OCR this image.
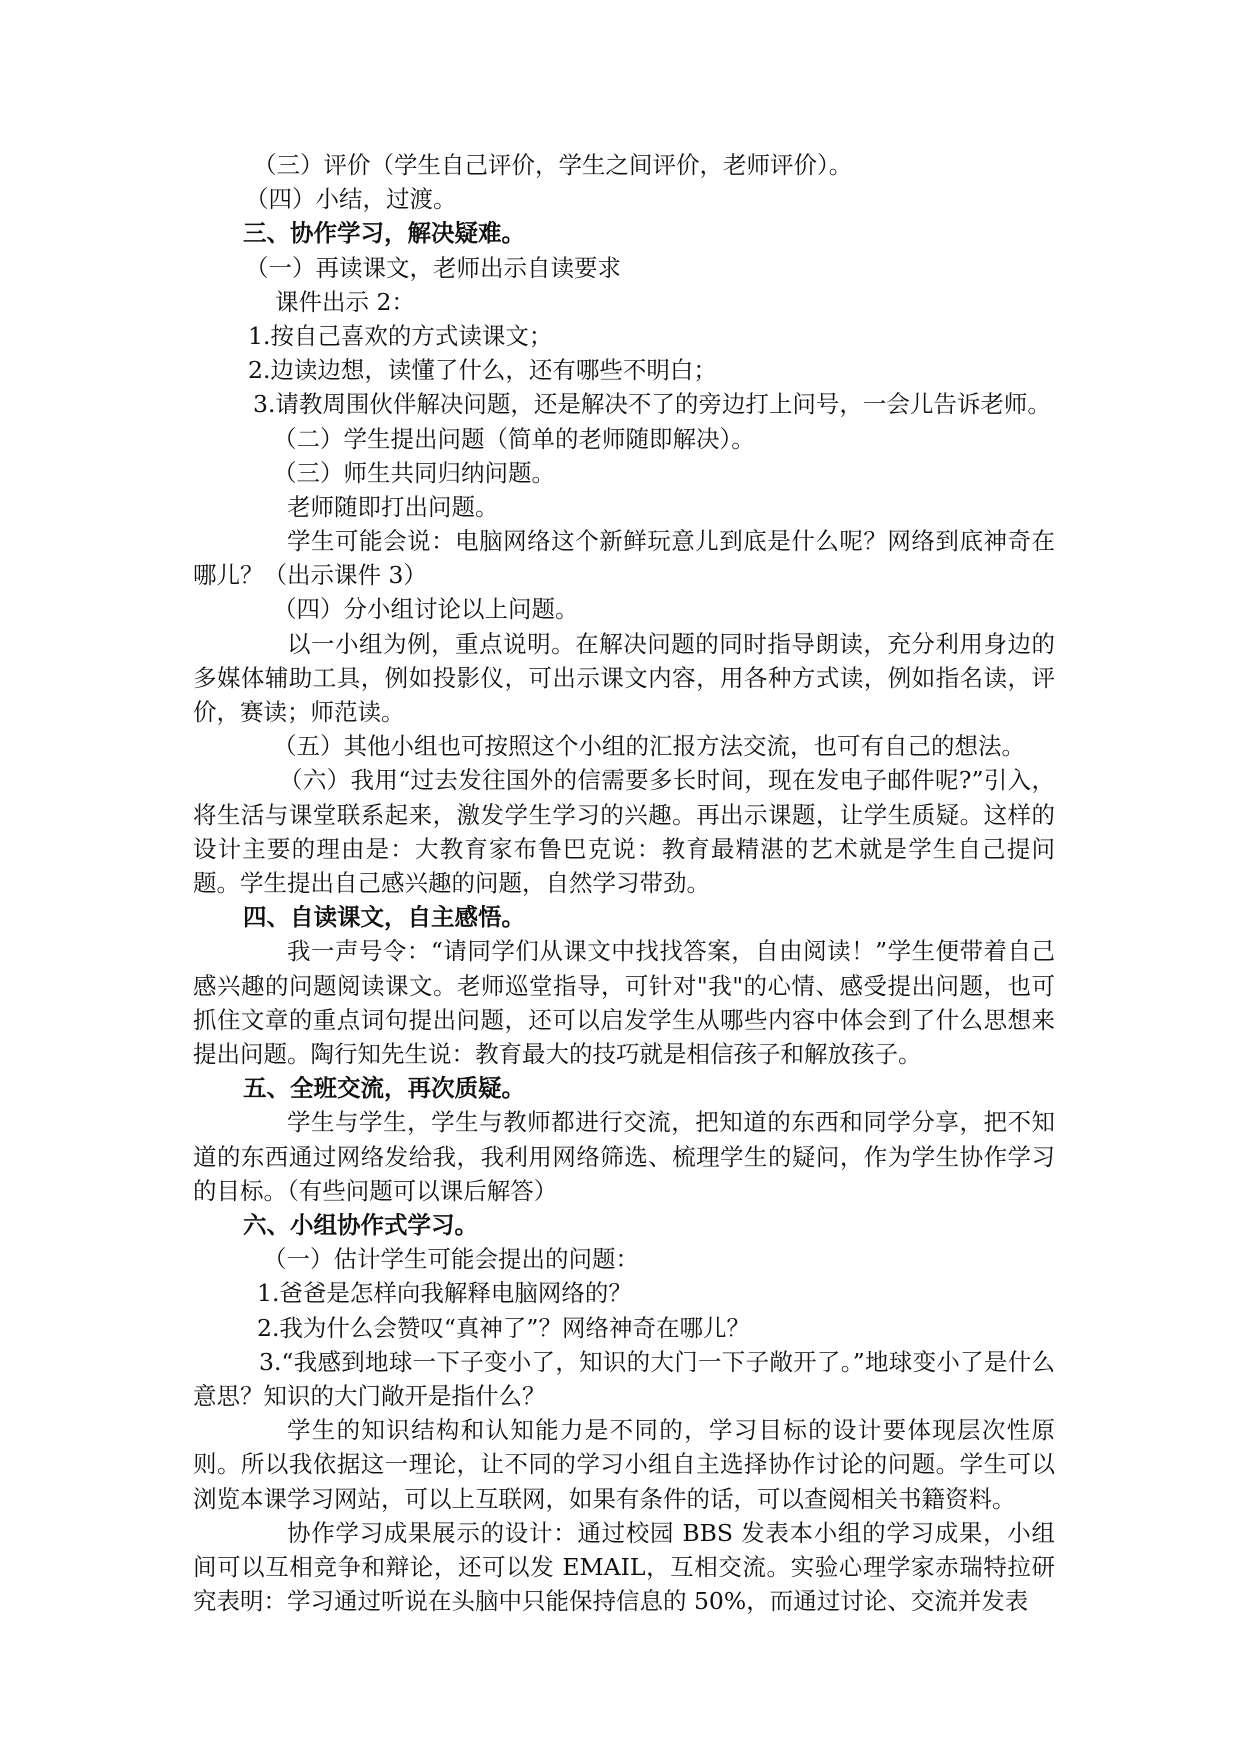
（三）评价（学生自己评价，学生之间评价，老师评价）。
（四）小结，过渡。
三、协作学习，解决疑难。
（一）再读课文，老师出示自读要求
课件出示 2：
1.按自己喜欢的方式读课文；
2.边读边想，读懂了什么，还有哪些不明白；
3.请教周围伙伴解决问题，还是解决不了的旁边打上问号，一会儿告诉老师。
（二）学生提出问题（简单的老师随即解决）。
（三）师生共同归纳问题。
老师随即打出问题。
学生可能会说：电脑网络这个新鲜玩意儿到底是什么呢？网络到底神奇在哪儿？（出示课件 3）
（四）分小组讨论以上问题。
以一小组为例，重点说明。在解决问题的同时指导朗读，充分利用身边的多媒体辅助工具，例如投影仪，可出示课文内容，用各种方式读，例如指名读，评价，赛读；师范读。
（五）其他小组也可按照这个小组的汇报方法交流，也可有自己的想法。
（六）我用“过去发往国外的信需要多长时间，现在发电子邮件呢?”引入，将生活与课堂联系起来，激发学生学习的兴趣。再出示课题，让学生质疑。这样的设计主要的理由是：大教育家布鲁巴克说：教育最精湛的艺术就是学生自己提问题。学生提出自己感兴趣的问题，自然学习带劲。
四、自读课文，自主感悟。
我一声号令：“请同学们从课文中找找答案，自由阅读！”学生便带着自己感兴趣的问题阅读课文。老师巡堂指导，可针对"我"的心情、感受提出问题，也可抓住文章的重点词句提出问题，还可以启发学生从哪些内容中体会到了什么思想来提出问题。陶行知先生说：教育最大的技巧就是相信孩子和解放孩子。
五、全班交流，再次质疑。
学生与学生，学生与教师都进行交流，把知道的东西和同学分享，把不知道的东西通过网络发给我，我利用网络筛选、梳理学生的疑问，作为学生协作学习的目标。（有些问题可以课后解答）
六、小组协作式学习。
（一）估计学生可能会提出的问题：
1.爸爸是怎样向我解释电脑网络的？
2.我为什么会赞叹“真神了”？网络神奇在哪儿？
3.“我感到地球一下子变小了，知识的大门一下子敞开了。”地球变小了是什么意思？知识的大门敞开是指什么？
学生的知识结构和认知能力是不同的，学习目标的设计要体现层次性原则。所以我依据这一理论，让不同的学习小组自主选择协作讨论的问题。学生可以浏览本课学习网站，可以上互联网，如果有条件的话，可以查阅相关书籍资料。
协作学习成果展示的设计：通过校园 BBS 发表本小组的学习成果，小组间可以互相竞争和辩论，还可以发 EMAIL，互相交流。实验心理学家赤瑞特拉研究表明：学习通过听说在头脑中只能保持信息的 50%，而通过讨论、交流并发表
